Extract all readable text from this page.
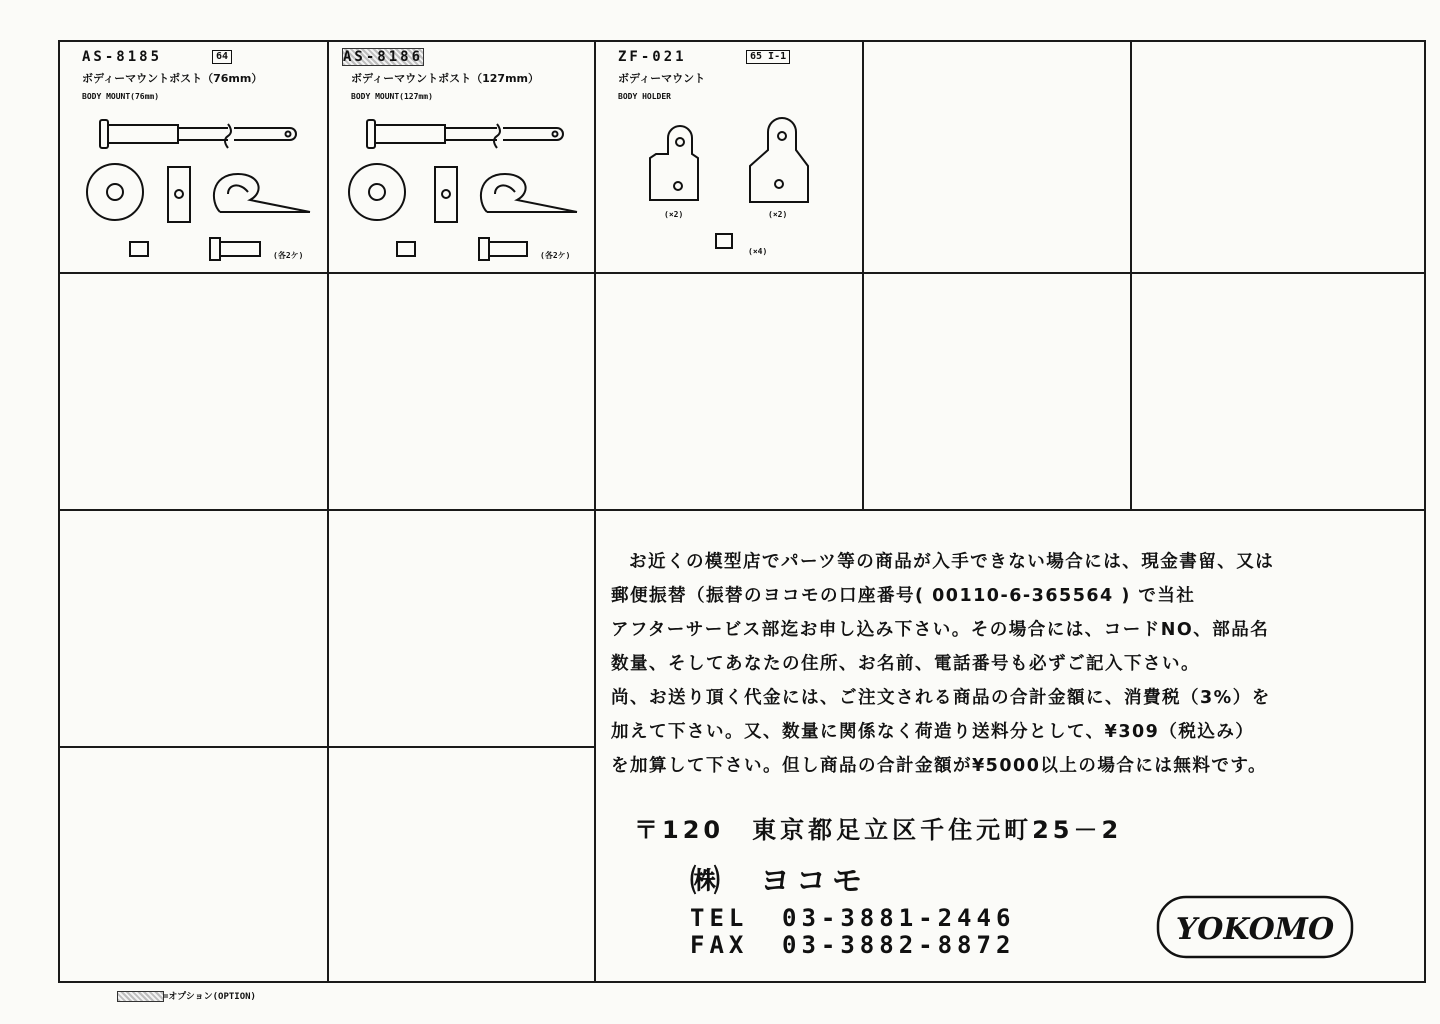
AS-8185	64
ボディーマウントポスト（76mm）
BODY MOUNT(76mm)
(各2ケ)
AS-8186
ボディーマウントポスト（127mm）
BODY MOUNT(127mm)
(各2ケ)
ZF-021	65 I-1
ボディーマウント
BODY HOLDER
(×2)	(×2)
(×4)

お近くの模型店でパーツ等の商品が入手できない場合には、現金書留、又は

郵便振替（振替のヨコモの口座番号( 00110-6-365564 ) で当社

アフターサービス部迄お申し込み下さい。その場合には、コードNO、部品名

数量、そしてあなたの住所、お名前、電話番号も必ずご記入下さい。

尚、お送り頂く代金には、ご注文される商品の合計金額に、消費税（3%）を

加えて下さい。又、数量に関係なく荷造り送料分として、¥309（税込み）

を加算して下さい。但し商品の合計金額が¥5000以上の場合には無料です。

〒120　東京都足立区千住元町25－2
㈱ ヨコモ
TEL 03-3881-2446
FAX 03-3882-8872	YOKOMO
=オプション(OPTION)
